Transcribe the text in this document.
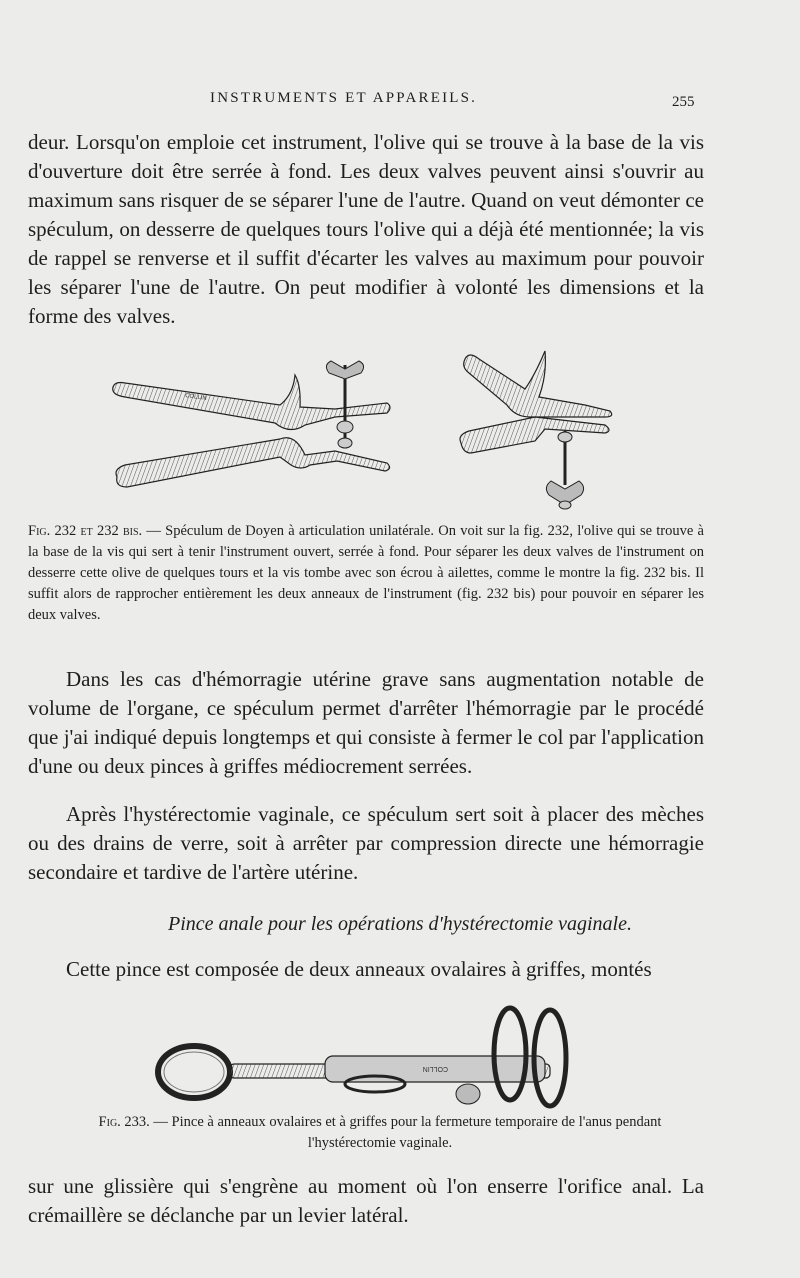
INSTRUMENTS ET APPAREILS.	255

deur. Lorsqu'on emploie cet instrument, l'olive qui se trouve à la base de la vis d'ouverture doit être serrée à fond. Les deux valves peuvent ainsi s'ouvrir au maximum sans risquer de se séparer l'une de l'autre. Quand on veut démonter ce spéculum, on desserre de quelques tours l'olive qui a déjà été mentionnée; la vis de rappel se renverse et il suffit d'écarter les valves au maximum pour pouvoir les séparer l'une de l'autre. On peut modifier à volonté les dimensions et la forme des valves.

COLLIN

Fig. 232 et 232 bis. — Spéculum de Doyen à articulation unilatérale. On voit sur la fig. 232, l'olive qui se trouve à la base de la vis qui sert à tenir l'instrument ouvert, serrée à fond. Pour séparer les deux valves de l'instrument on desserre cette olive de quelques tours et la vis tombe avec son écrou à ailettes, comme le montre la fig. 232 bis. Il suffit alors de rapprocher entièrement les deux anneaux de l'instrument (fig. 232 bis) pour pouvoir en séparer les deux valves.

Dans les cas d'hémorragie utérine grave sans augmentation notable de volume de l'organe, ce spéculum permet d'arrêter l'hémorragie par le procédé que j'ai indiqué depuis longtemps et qui consiste à fermer le col par l'application d'une ou deux pinces à griffes médiocrement serrées.

Après l'hystérectomie vaginale, ce spéculum sert soit à placer des mèches ou des drains de verre, soit à arrêter par compression directe une hémorragie secondaire et tardive de l'artère utérine.

Pince anale pour les opérations d'hystérectomie vaginale.

Cette pince est composée de deux anneaux ovalaires à griffes, montés

COLLIN

Fig. 233. — Pince à anneaux ovalaires et à griffes pour la fermeture temporaire de l'anus pendant l'hystérectomie vaginale.

sur une glissière qui s'engrène au moment où l'on enserre l'orifice anal. La crémaillère se déclanche par un levier latéral.
